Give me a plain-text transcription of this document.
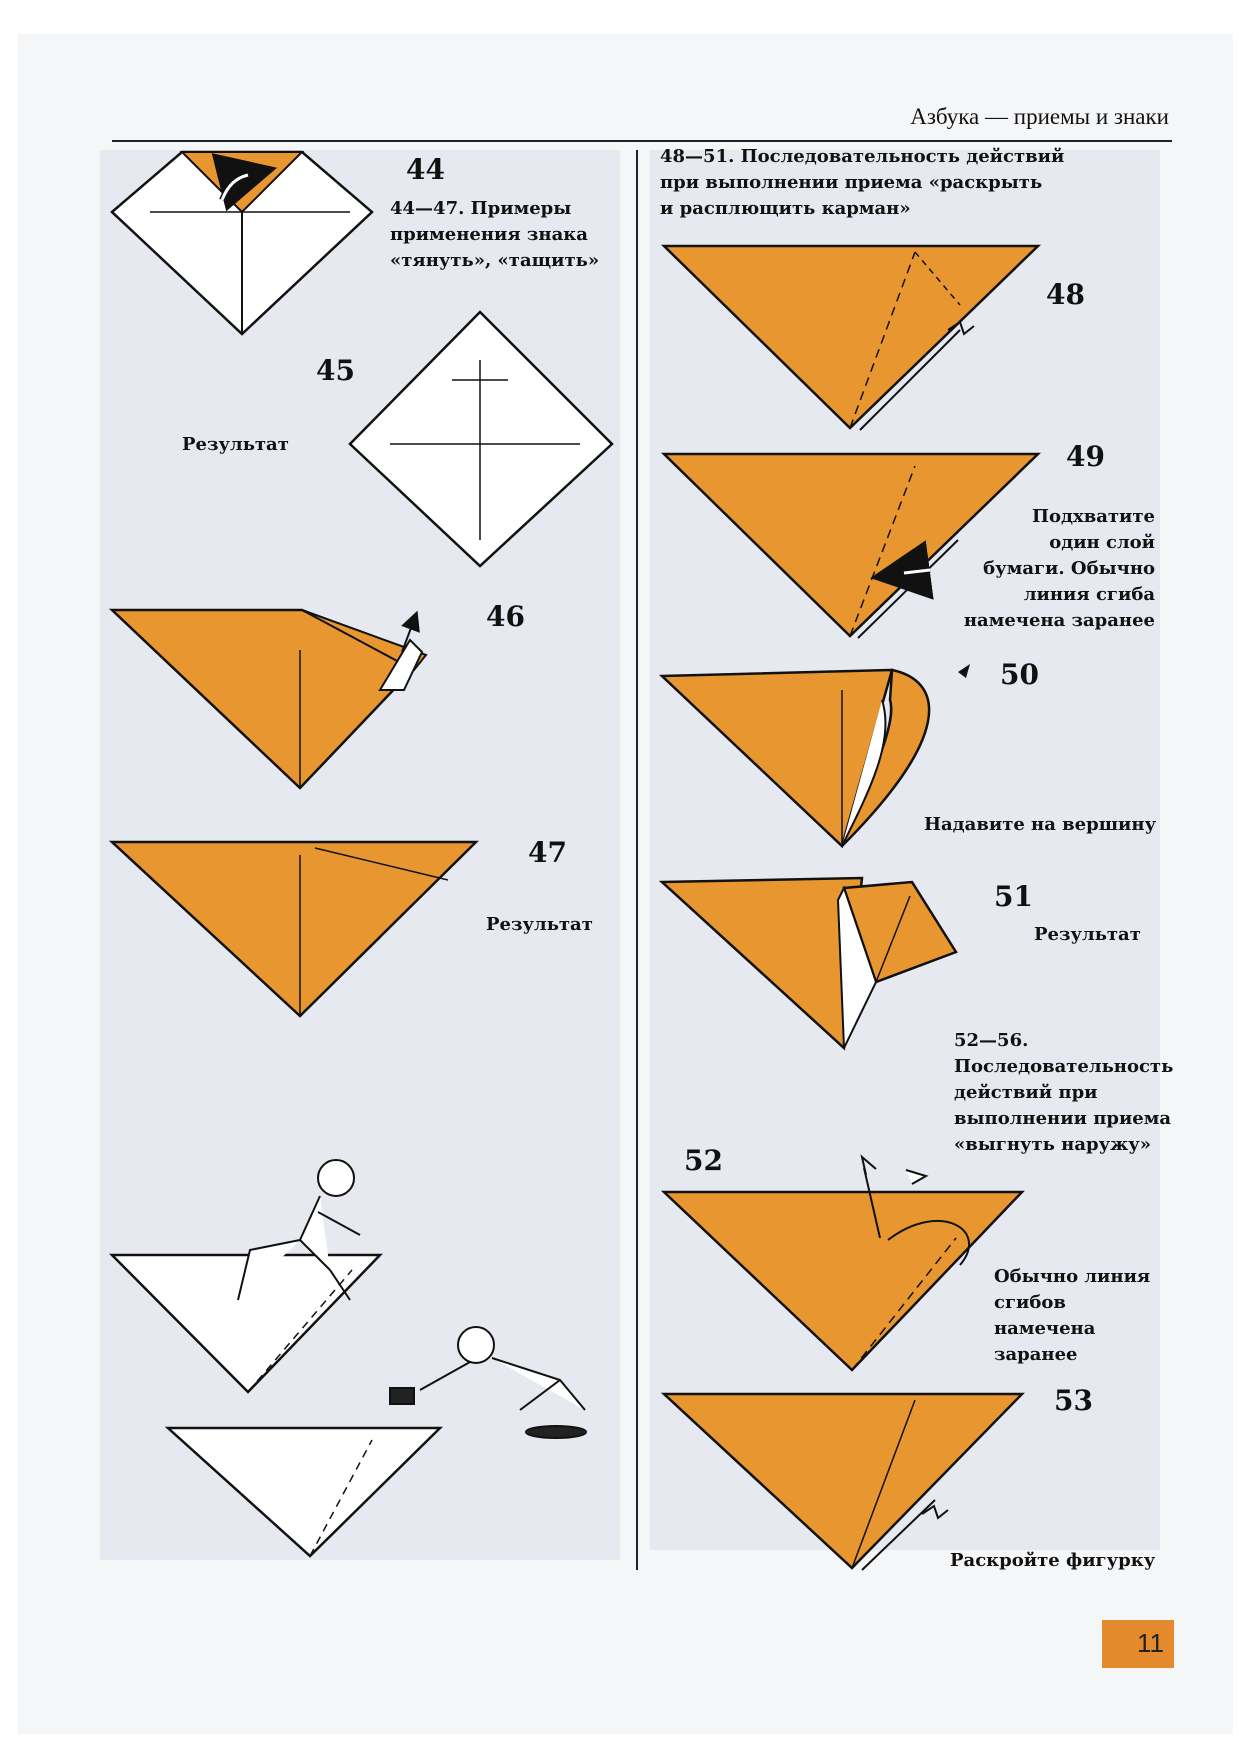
Азбука — приемы и знаки
44
44—47. Примеры
применения знака
«тянуть», «тащить»
45
Результат
46
47
Результат
48—51. Последовательность действий
при выполнении приема «раскрыть
и расплющить карман»
48
49
Подхватите
один слой
бумаги. Обычно
линия сгиба
намечена заранее
50
Надавите на вершину
51
Результат
52—56.
Последовательность
действий при
выполнении приема
«выгнуть наружу»
52
Обычно линия
сгибов
намечена
заранее
53
Раскройте фигурку
11
